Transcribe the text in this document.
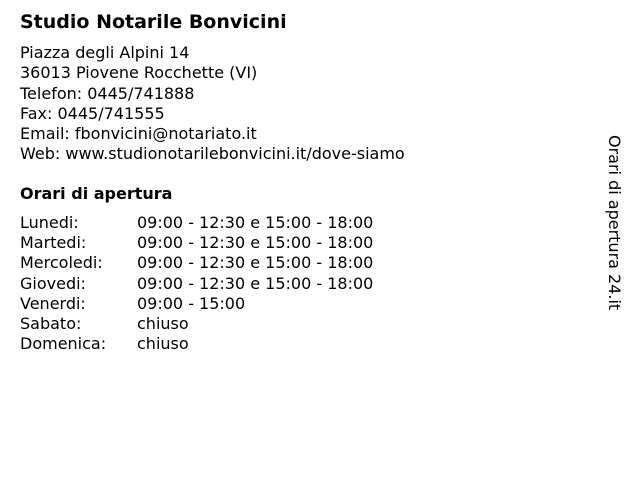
Studio Notarile Bonvicini
Piazza degli Alpini 14
36013 Piovene Rocchette (VI)
Telefon: 0445/741888
Fax: 0445/741555
Email: fbonvicini@notariato.it
Web: www.studionotarilebonvicini.it/dove-siamo
Orari di apertura
Lunedi:	09:00 - 12:30 e 15:00 - 18:00
Martedi:	09:00 - 12:30 e 15:00 - 18:00
Mercoledi: 09:00 - 12:30 e 15:00 - 18:00
Giovedi:	09:00 - 12:30 e 15:00 - 18:00
Venerdi:	09:00 - 15:00
Sabato:	chiuso
Domenica: chiuso
Orari di apertura 24.it
